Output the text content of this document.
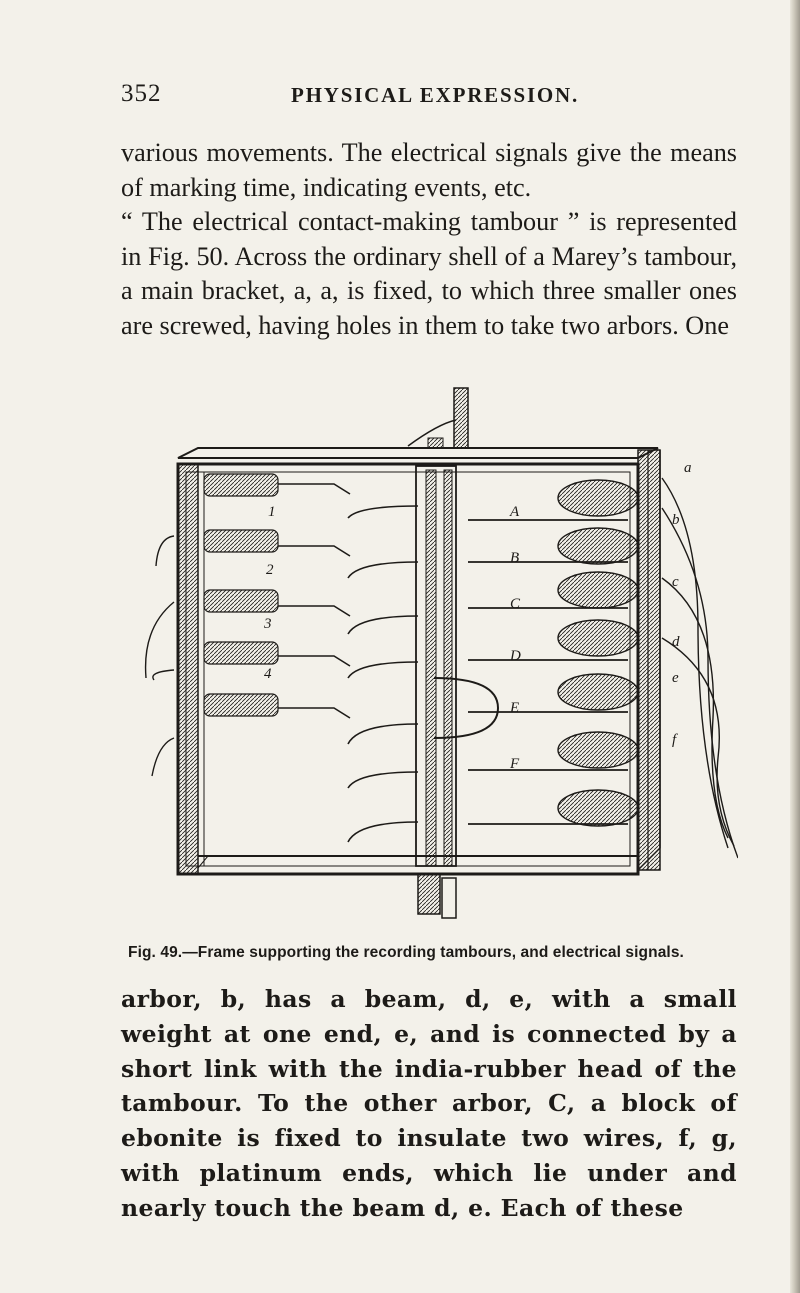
352	PHYSICAL EXPRESSION.
various movements. The electrical signals give the means of marking time, indicating events, etc.
“ The electrical contact-making tambour ” is represented in Fig. 50. Across the ordinary shell of a Marey’s tambour, a main bracket, a, a, is fixed, to which three smaller ones are screwed, having holes in them to take two arbors. One
1
2
3
4
A
B
C
D
E
F
a
b
c
d
e
f
Fig. 49.—Frame supporting the recording tambours, and electrical signals.

arbor, b, has a beam, d, e, with a small weight at one end, e, and is connected by a short link with the india-rubber head of the tambour. To the other arbor, C, a block of ebonite is fixed to insulate two wires, f, g, with platinum ends, which lie under and nearly touch the beam d, e. Each of these
